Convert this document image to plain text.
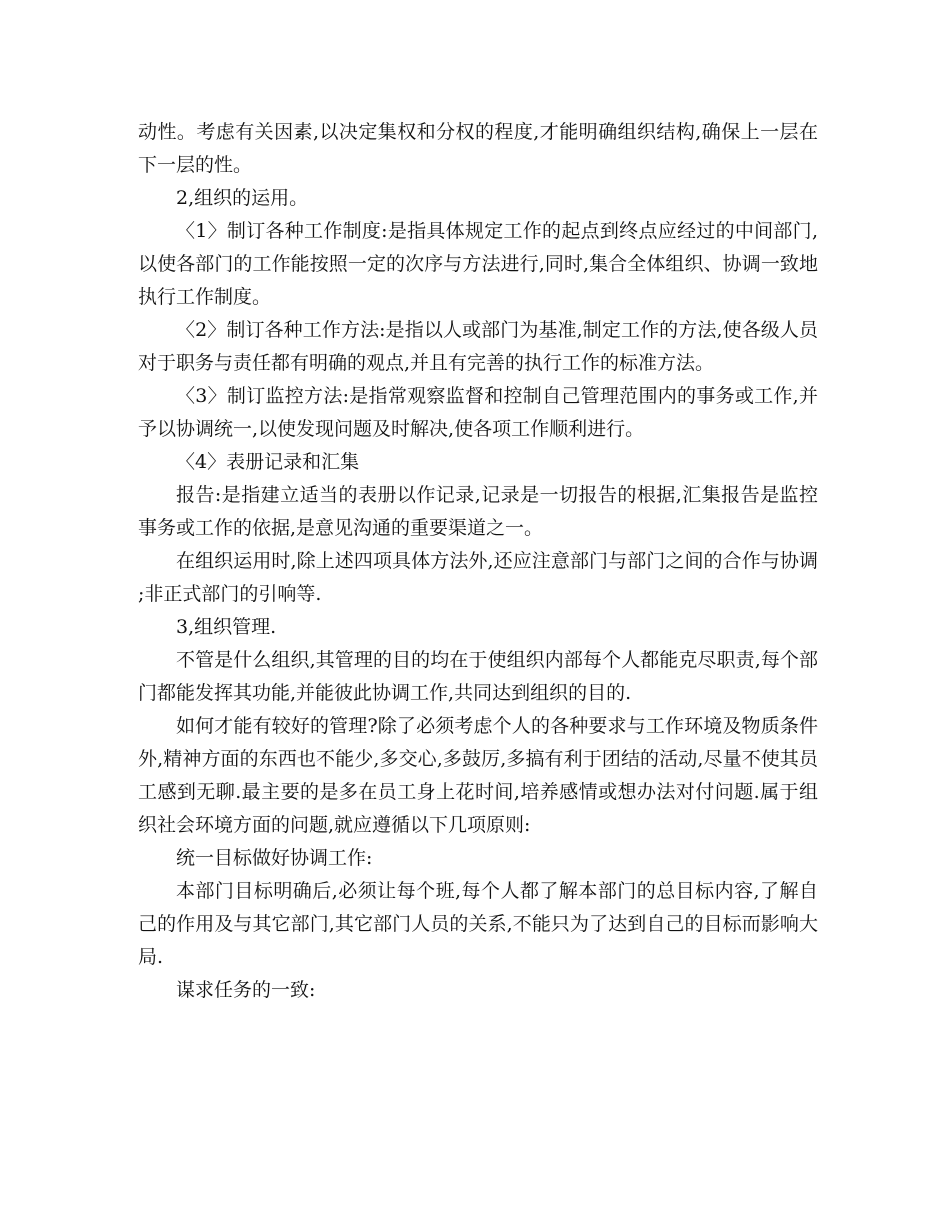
动性。考虑有关因素,以决定集权和分权的程度,才能明确组织结构,确保上一层在下一层的性。

2,组织的运用。

〈1〉制订各种工作制度:是指具体规定工作的起点到终点应经过的中间部门,以使各部门的工作能按照一定的次序与方法进行,同时,集合全体组织、协调一致地执行工作制度。

〈2〉制订各种工作方法:是指以人或部门为基准,制定工作的方法,使各级人员对于职务与责任都有明确的观点,并且有完善的执行工作的标准方法。

〈3〉制订监控方法:是指常观察监督和控制自己管理范围内的事务或工作,并予以协调统一,以使发现问题及时解决,使各项工作顺利进行。

〈4〉表册记录和汇集

报告:是指建立适当的表册以作记录,记录是一切报告的根据,汇集报告是监控事务或工作的依据,是意见沟通的重要渠道之一。

在组织运用时,除上述四项具体方法外,还应注意部门与部门之间的合作与协调;非正式部门的引响等.

3,组织管理.

不管是什么组织,其管理的目的均在于使组织内部每个人都能克尽职责,每个部门都能发挥其功能,并能彼此协调工作,共同达到组织的目的.

如何才能有较好的管理?除了必须考虑个人的各种要求与工作环境及物质条件外,精神方面的东西也不能少,多交心,多鼓厉,多搞有利于团结的活动,尽量不使其员工感到无聊.最主要的是多在员工身上花时间,培养感情或想办法对付问题.属于组织社会环境方面的问题,就应遵循以下几项原则:

统一目标做好协调工作:

本部门目标明确后,必须让每个班,每个人都了解本部门的总目标内容,了解自己的作用及与其它部门,其它部门人员的关系,不能只为了达到自己的目标而影响大局.

谋求任务的一致:
